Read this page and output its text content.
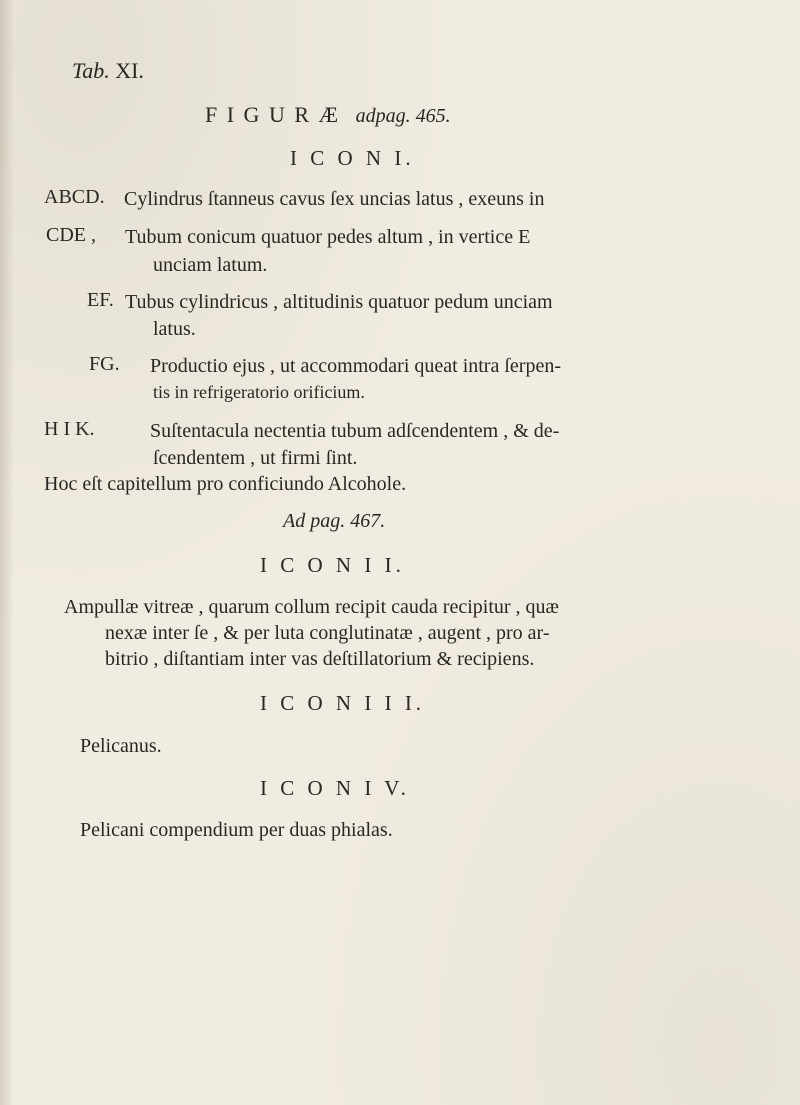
Tab. XI.
F I G U R Æ adpag. 465.
I C O N I.
ABCD. Cylindrus ſtanneus cavus ſex uncias latus , exeuns in
CDE , Tubum conicum quatuor pedes altum , in vertice E
unciam latum.
EF. Tubus cylindricus , altitudinis quatuor pedum unciam
latus.
FG. Productio ejus , ut accommodari queat intra ſerpen-
tis in refrigeratorio orificium.
H I K.	Suſtentacula nectentia tubum adſcendentem , & de-
ſcendentem , ut firmi ſint.
Hoc eſt capitellum pro conficiundo Alcohole.
Ad pag. 467.
I C O N I I.
Ampullæ vitreæ , quarum collum recipit cauda recipitur , quæ
nexæ inter ſe , & per luta conglutinatæ , augent , pro ar-
bitrio , diſtantiam inter vas deſtillatorium & recipiens.
I C O N I I I.
Pelicanus.
I C O N I V.
Pelicani compendium per duas phialas.
